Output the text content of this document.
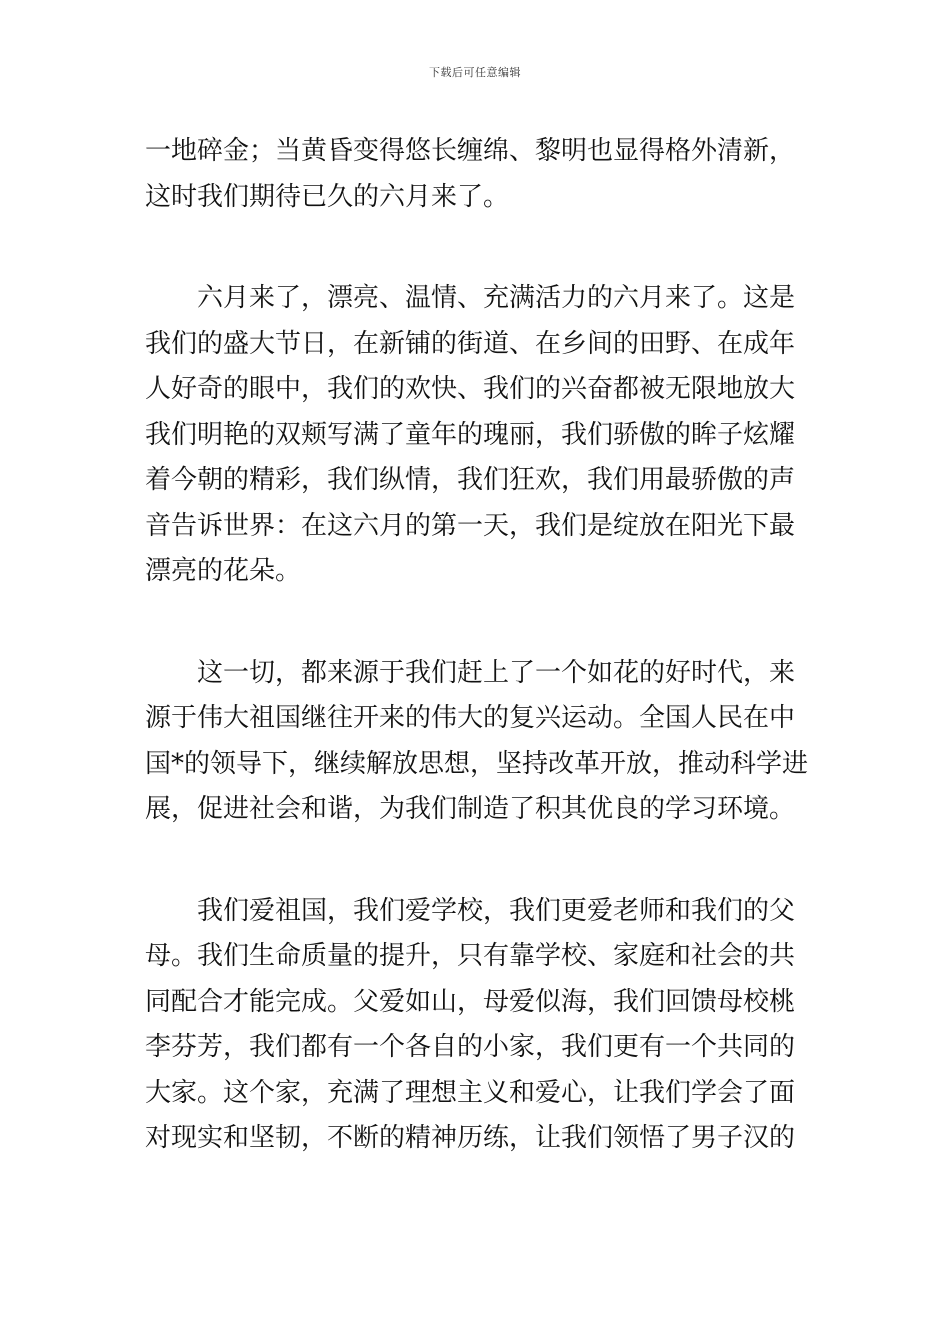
下载后可任意编辑
一地碎金；当黄昏变得悠长缠绵、黎明也显得格外清新，
这时我们期待已久的六月来了。
六月来了，漂亮、温情、充满活力的六月来了。这是
我们的盛大节日，在新铺的街道、在乡间的田野、在成年
人好奇的眼中，我们的欢快、我们的兴奋都被无限地放大
我们明艳的双颊写满了童年的瑰丽，我们骄傲的眸子炫耀
着今朝的精彩，我们纵情，我们狂欢，我们用最骄傲的声
音告诉世界：在这六月的第一天，我们是绽放在阳光下最
漂亮的花朵。
这一切，都来源于我们赶上了一个如花的好时代，来
源于伟大祖国继往开来的伟大的复兴运动。全国人民在中
国*的领导下，继续解放思想，坚持改革开放，推动科学进
展，促进社会和谐，为我们制造了积其优良的学习环境。
我们爱祖国，我们爱学校，我们更爱老师和我们的父
母。我们生命质量的提升，只有靠学校、家庭和社会的共
同配合才能完成。父爱如山，母爱似海，我们回馈母校桃
李芬芳，我们都有一个各自的小家，我们更有一个共同的
大家。这个家，充满了理想主义和爱心，让我们学会了面
对现实和坚韧，不断的精神历练，让我们领悟了男子汉的
